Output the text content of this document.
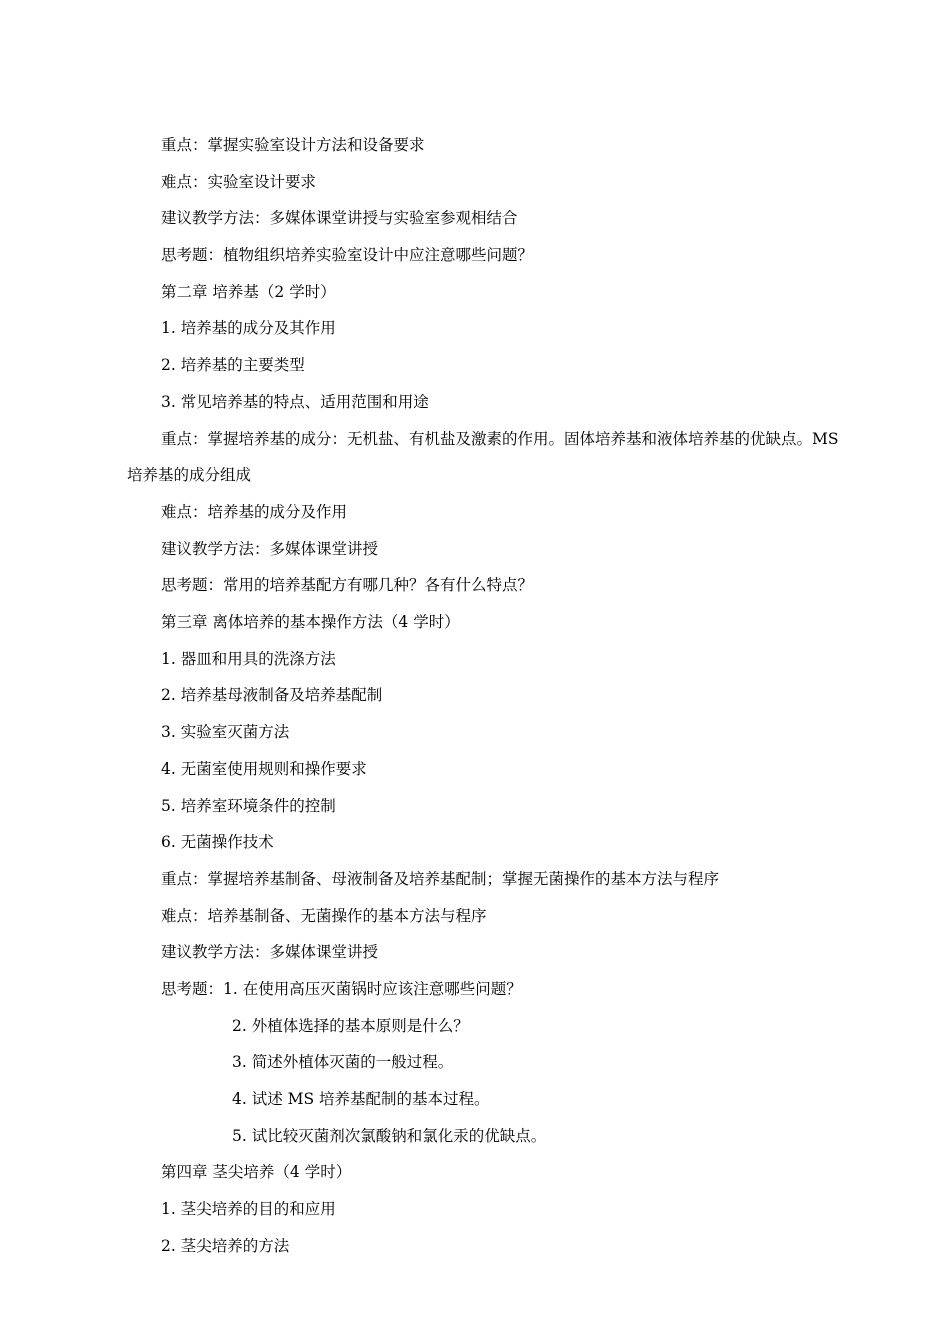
重点：掌握实验室设计方法和设备要求
难点：实验室设计要求
建议教学方法：多媒体课堂讲授与实验室参观相结合
思考题：植物组织培养实验室设计中应注意哪些问题？
第二章 培养基（2 学时）
1. 培养基的成分及其作用
2. 培养基的主要类型
3. 常见培养基的特点、适用范围和用途
重点：掌握培养基的成分：无机盐、有机盐及激素的作用。固体培养基和液体培养基的优缺点。MS
培养基的成分组成
难点：培养基的成分及作用
建议教学方法：多媒体课堂讲授
思考题：常用的培养基配方有哪几种？各有什么特点？
第三章 离体培养的基本操作方法（4 学时）
1. 器皿和用具的洗涤方法
2. 培养基母液制备及培养基配制
3. 实验室灭菌方法
4. 无菌室使用规则和操作要求
5. 培养室环境条件的控制
6. 无菌操作技术
重点：掌握培养基制备、母液制备及培养基配制；掌握无菌操作的基本方法与程序
难点：培养基制备、无菌操作的基本方法与程序
建议教学方法：多媒体课堂讲授
思考题：1. 在使用高压灭菌锅时应该注意哪些问题？
2. 外植体选择的基本原则是什么？
3. 简述外植体灭菌的一般过程。
4. 试述 MS 培养基配制的基本过程。
5. 试比较灭菌剂次氯酸钠和氯化汞的优缺点。
第四章 茎尖培养（4 学时）
1. 茎尖培养的目的和应用
2. 茎尖培养的方法
